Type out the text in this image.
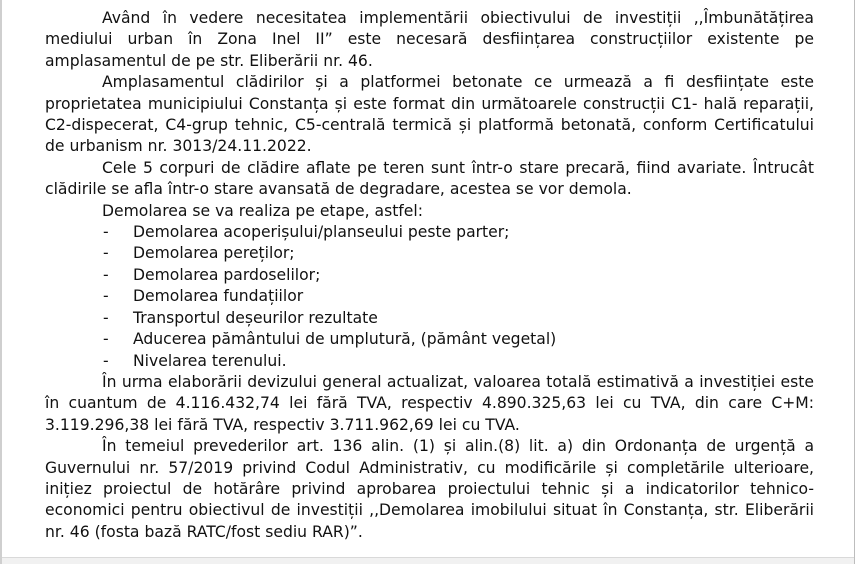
Având în vedere necesitatea implementării obiectivului de investiții ,,Îmbunătățirea mediului urban în Zona Inel II” este necesară desființarea construcțiilor existente pe amplasamentul de pe str. Eliberării nr. 46.

Amplasamentul clădirilor și a platformei betonate ce urmează a fi desființate este proprietatea municipiului Constanța și este format din următoarele construcții C1- hală reparații, C2-dispecerat, C4-grup tehnic, C5-centrală termică și platformă betonată, conform Certificatului de urbanism nr. 3013/24.11.2022.

Cele 5 corpuri de clădire aflate pe teren sunt într-o stare precară, fiind avariate. Întrucât clădirile se afla într-o stare avansată de degradare, acestea se vor demola.

Demolarea se va realiza pe etape, astfel:

-	Demolarea acoperișului/planseului peste parter;
-	Demolarea pereților;
-	Demolarea pardoselilor;
-	Demolarea fundațiilor
-	Transportul deșeurilor rezultate
-	Aducerea pământului de umplutură, (pământ vegetal)
-	Nivelarea terenului.

În urma elaborării devizului general actualizat, valoarea totală estimativă a investiției este în cuantum de 4.116.432,74 lei fără TVA, respectiv 4.890.325,63 lei cu TVA, din care C+M: 3.119.296,38 lei fără TVA, respectiv 3.711.962,69 lei cu TVA.

În temeiul prevederilor art. 136 alin. (1) și alin.(8) lit. a) din Ordonanța de urgență a Guvernului nr. 57/2019 privind Codul Administrativ, cu modificările și completările ulterioare, inițiez proiectul de hotărâre privind aprobarea proiectului tehnic și a indicatorilor tehnico-economici pentru obiectivul de investiții ,,Demolarea imobilului situat în Constanța, str. Eliberării nr. 46 (fosta bază RATC/fost sediu RAR)”.
